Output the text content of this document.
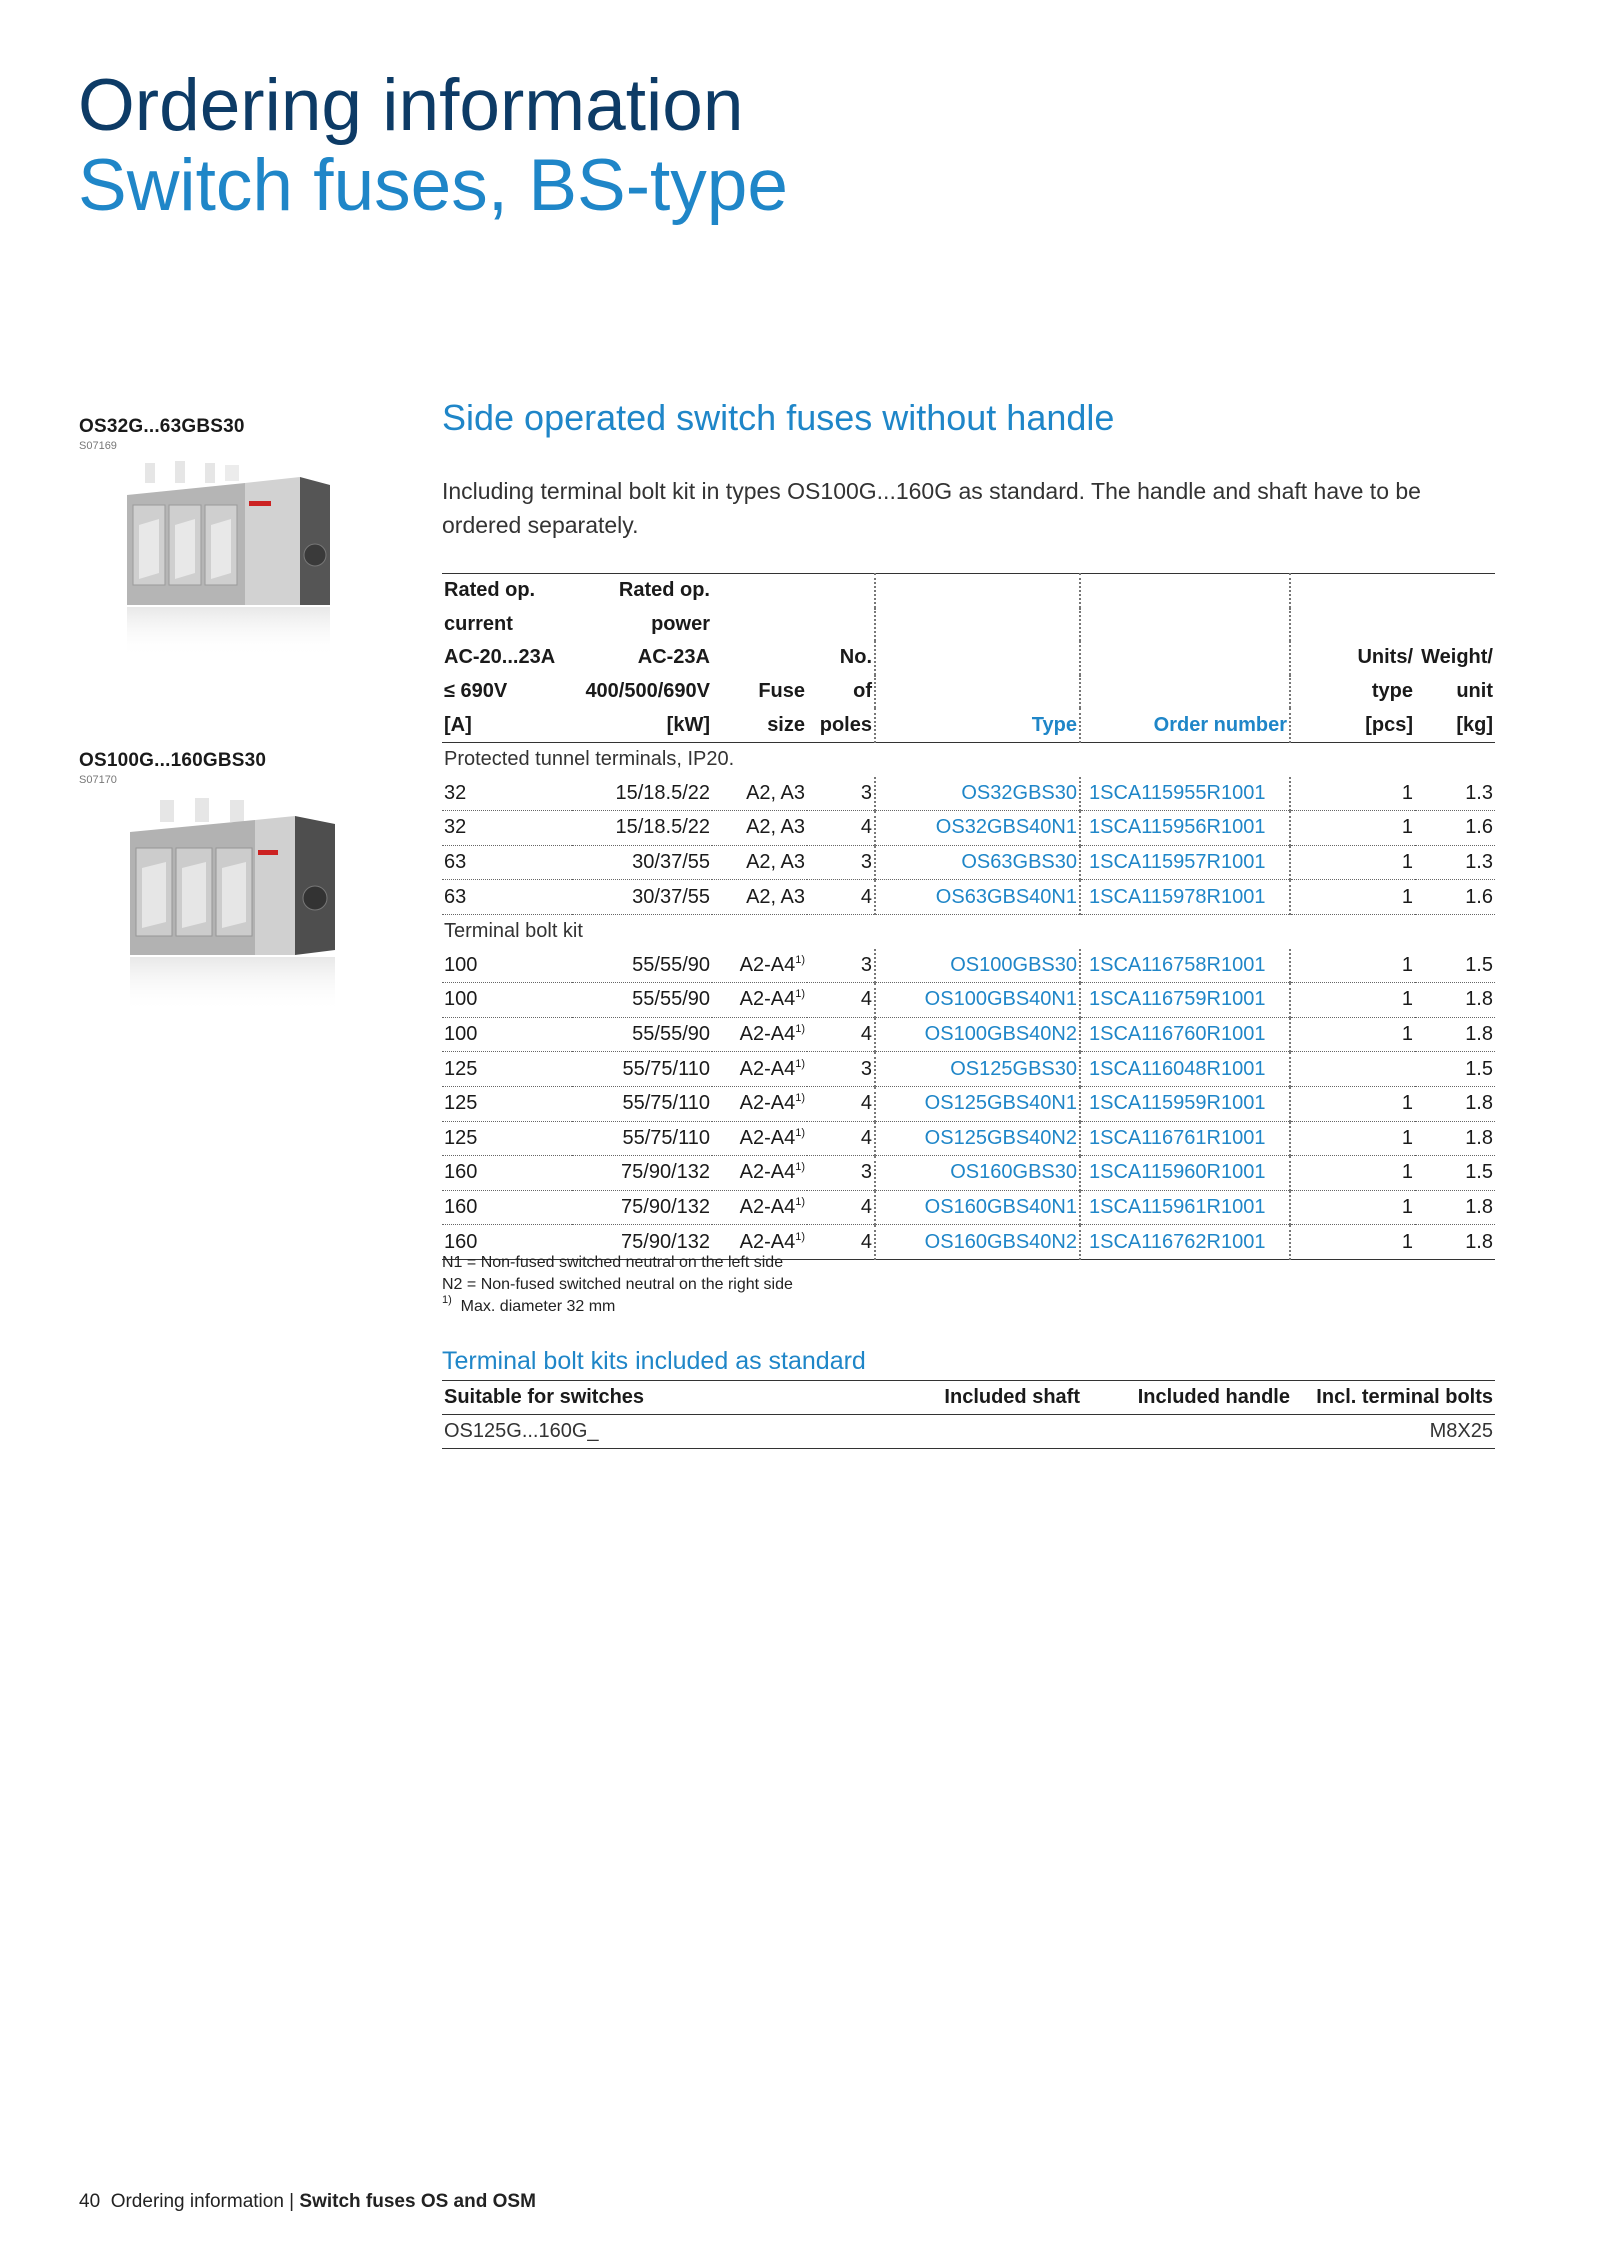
Ordering information
Switch fuses, BS-type
OS32G...63GBS30
S07169
OS100G...160GBS30
S07170
Side operated switch fuses without handle
Including terminal bolt kit in types OS100G...160G as standard. The handle and shaft have to be ordered separately.
Rated op.	Rated op.						
current	power						
AC-20...23A	AC-23A		No.			Units/	Weight/
≤ 690V	400/500/690V	Fuse	of			type	unit
[A]	[kW]	size	poles	Type	Order number	[pcs]	[kg]
Protected tunnel terminals, IP20.							
32	15/18.5/22	A2, A3	3	OS32GBS30	1SCA115955R1001	1	1.3
32	15/18.5/22	A2, A3	4	OS32GBS40N1	1SCA115956R1001	1	1.6
63	30/37/55	A2, A3	3	OS63GBS30	1SCA115957R1001	1	1.3
63	30/37/55	A2, A3	4	OS63GBS40N1	1SCA115978R1001	1	1.6
Terminal bolt kit							
100	55/55/90	A2-A4$^{1)}$	3	OS100GBS30	1SCA116758R1001	1	1.5
100	55/55/90	A2-A4$^{1)}$	4	OS100GBS40N1	1SCA116759R1001	1	1.8
100	55/55/90	A2-A4$^{1)}$	4	OS100GBS40N2	1SCA116760R1001	1	1.8
125	55/75/110	A2-A4$^{1)}$	3	OS125GBS30	1SCA116048R1001		1.5
125	55/75/110	A2-A4$^{1)}$	4	OS125GBS40N1	1SCA115959R1001	1	1.8
125	55/75/110	A2-A4$^{1)}$	4	OS125GBS40N2	1SCA116761R1001	1	1.8
160	75/90/132	A2-A4$^{1)}$	3	OS160GBS30	1SCA115960R1001	1	1.5
160	75/90/132	A2-A4$^{1)}$	4	OS160GBS40N1	1SCA115961R1001	1	1.8
160	75/90/132	A2-A4$^{1)}$	4	OS160GBS40N2	1SCA116762R1001	1	1.8
N1 = Non-fused switched neutral on the left side
N2 = Non-fused switched neutral on the right side
$^{1)}$ Max. diameter 32 mm
Terminal bolt kits included as standard
Suitable for switches	Included shaft	Included handle	Incl. terminal bolts
OS125G...160G_			M8X25
40 Ordering information | Switch fuses OS and OSM
